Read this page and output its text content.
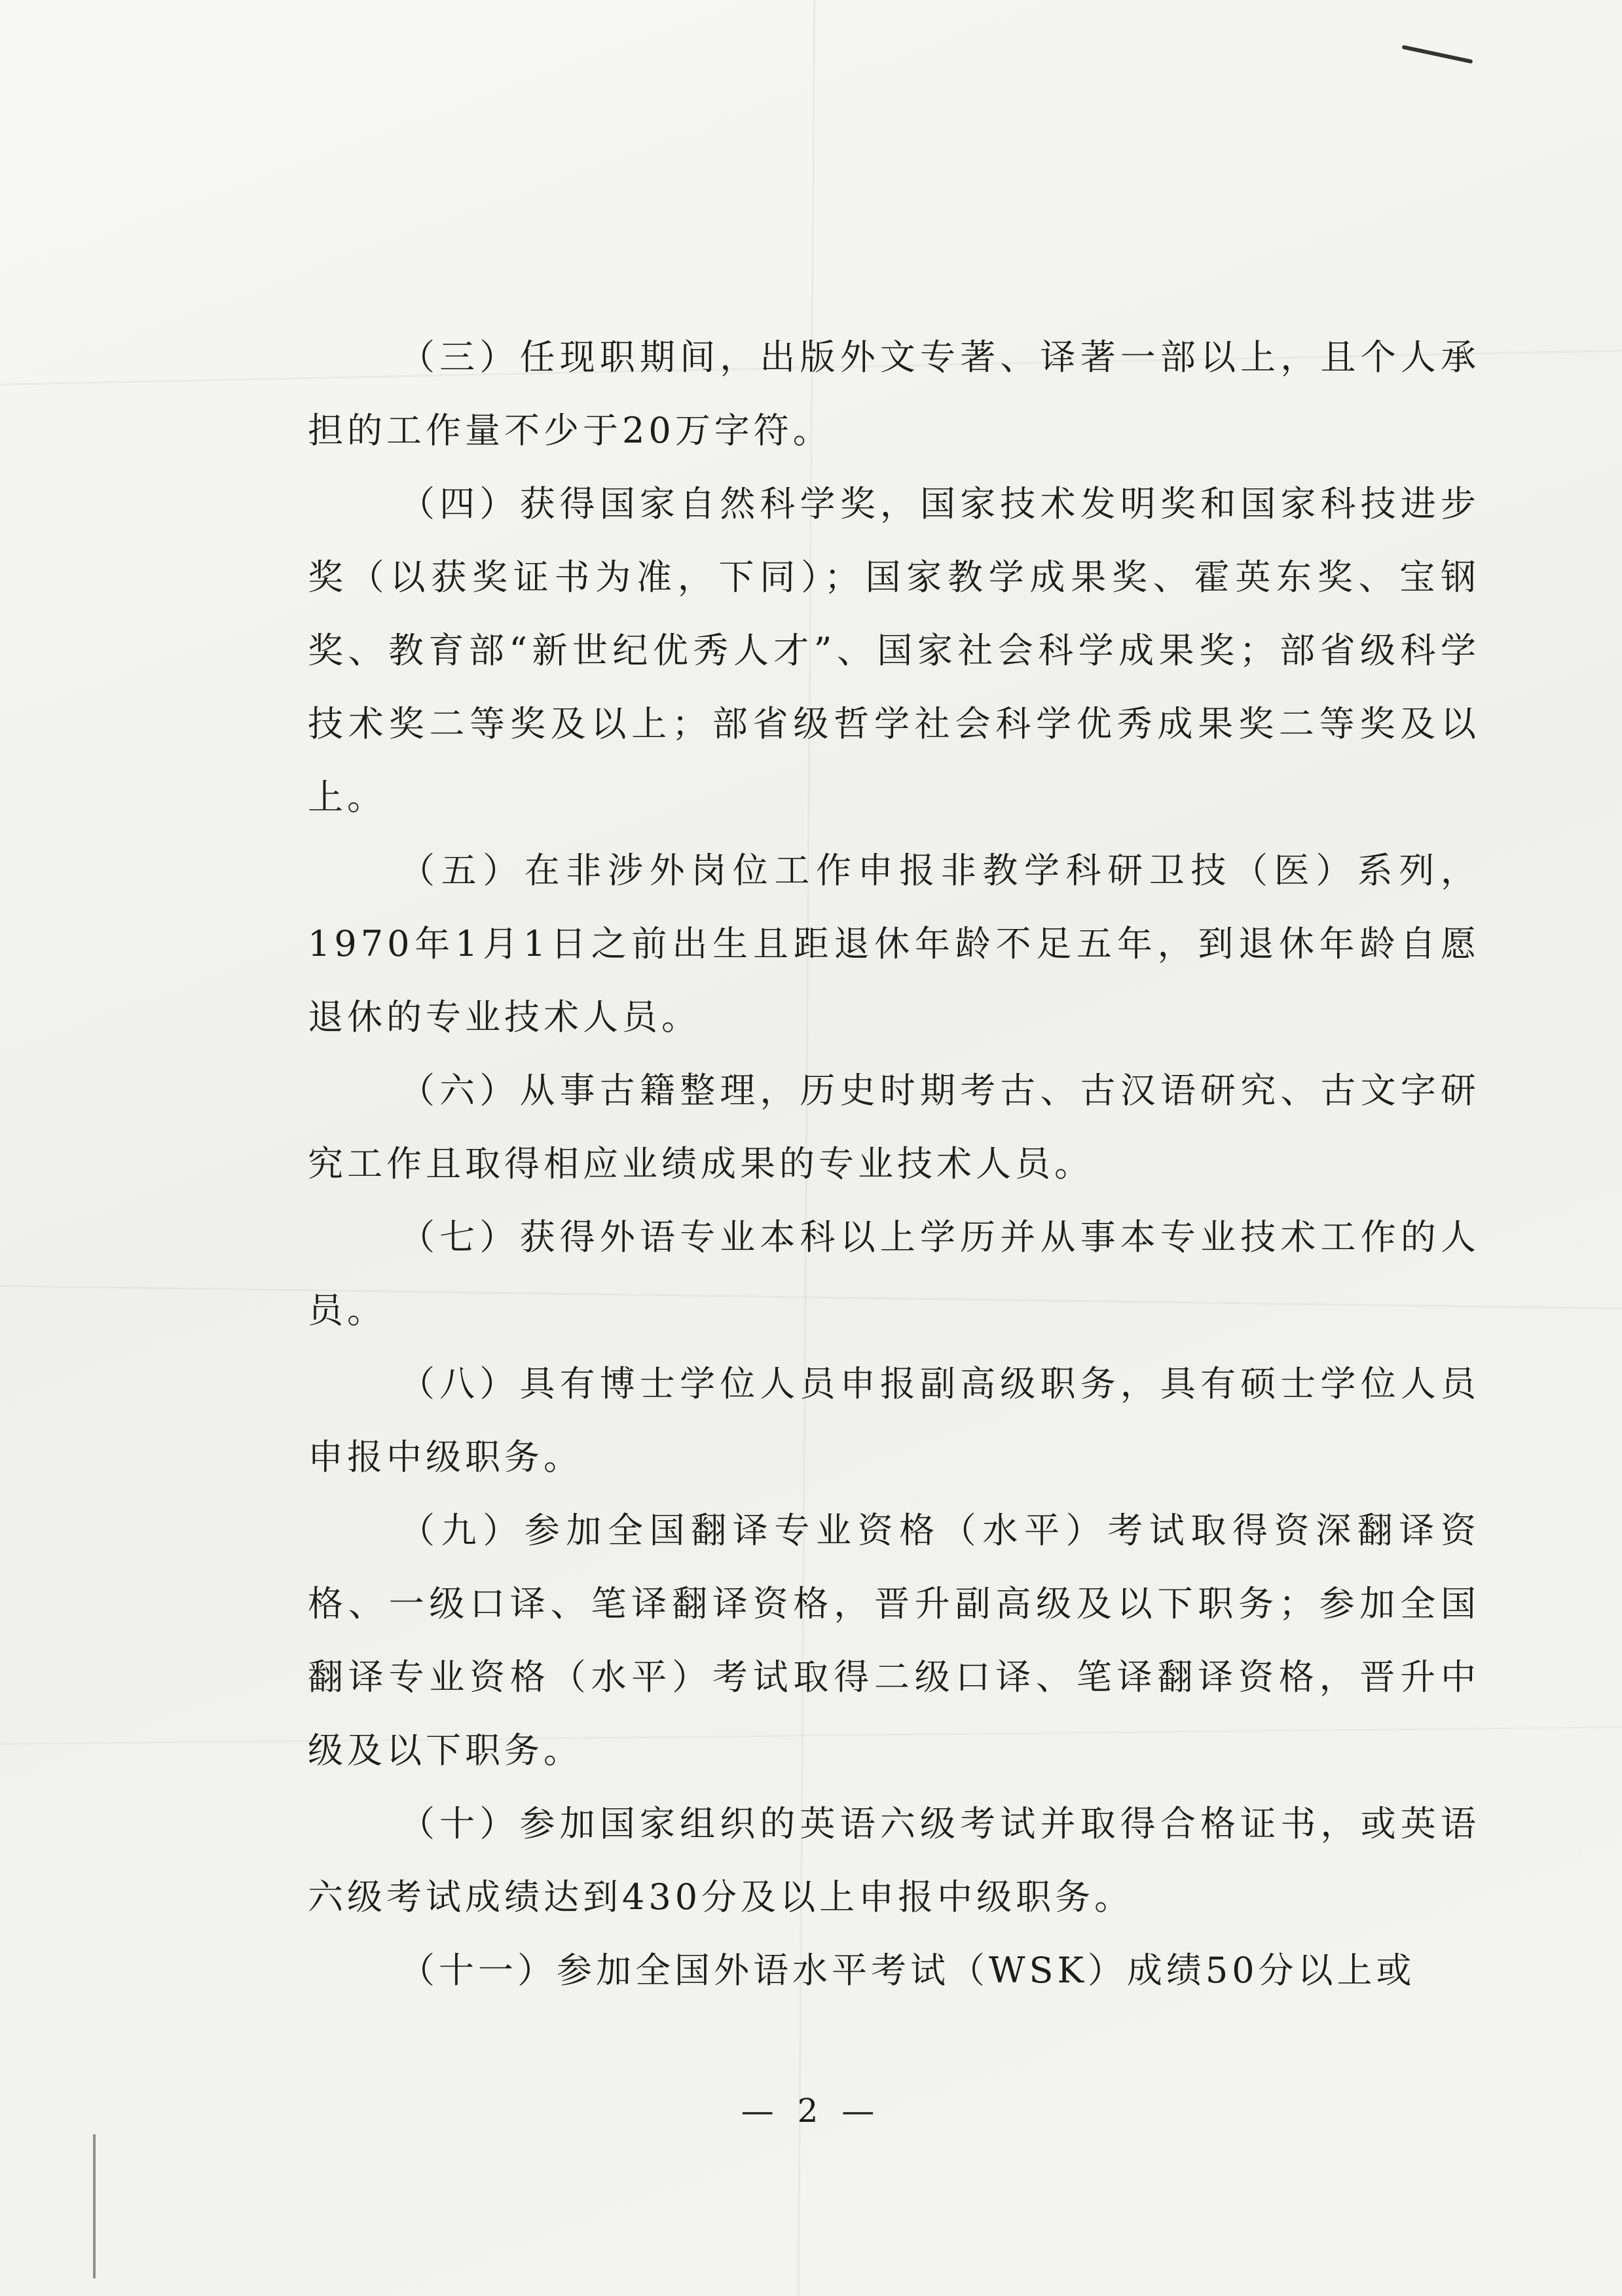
（三）任现职期间，出版外文专著、译著一部以上，且个人承担的工作量不少于20万字符。

（四）获得国家自然科学奖，国家技术发明奖和国家科技进步奖（以获奖证书为准，下同）；国家教学成果奖、霍英东奖、宝钢奖、教育部“新世纪优秀人才”、国家社会科学成果奖；部省级科学技术奖二等奖及以上；部省级哲学社会科学优秀成果奖二等奖及以上。

（五）在非涉外岗位工作申报非教学科研卫技（医）系列，1970年1月1日之前出生且距退休年龄不足五年，到退休年龄自愿退休的专业技术人员。

（六）从事古籍整理，历史时期考古、古汉语研究、古文字研究工作且取得相应业绩成果的专业技术人员。

（七）获得外语专业本科以上学历并从事本专业技术工作的人员。

（八）具有博士学位人员申报副高级职务，具有硕士学位人员申报中级职务。

（九）参加全国翻译专业资格（水平）考试取得资深翻译资格、一级口译、笔译翻译资格，晋升副高级及以下职务；参加全国翻译专业资格（水平）考试取得二级口译、笔译翻译资格，晋升中级及以下职务。

（十）参加国家组织的英语六级考试并取得合格证书，或英语六级考试成绩达到430分及以上申报中级职务。

（十一）参加全国外语水平考试（WSK）成绩50分以上或

— 2 —
